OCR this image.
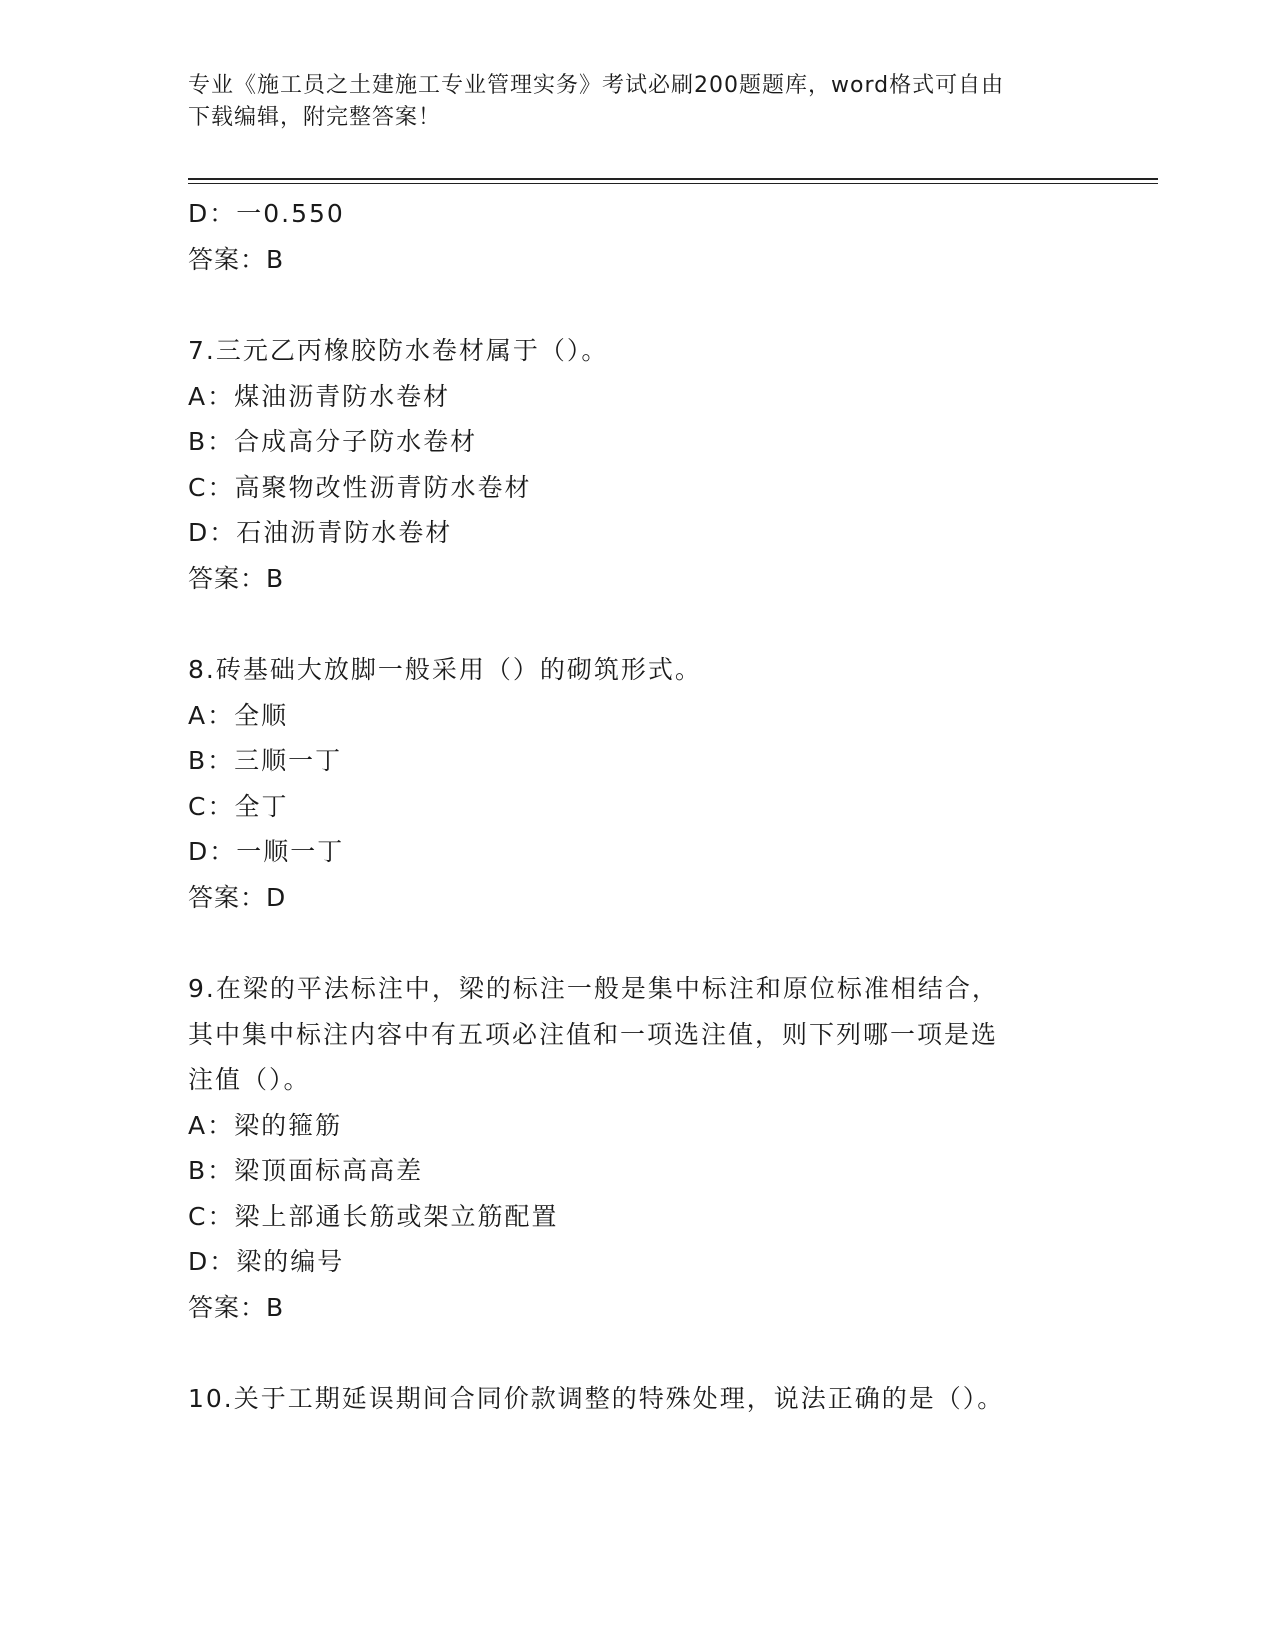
专业《施工员之土建施工专业管理实务》考试必刷200题题库，word格式可自由
下载编辑，附完整答案！
D：一0.550
答案：B
7.三元乙丙橡胶防水卷材属于（）。
A：煤油沥青防水卷材
B：合成高分子防水卷材
C：高聚物改性沥青防水卷材
D：石油沥青防水卷材
答案：B
8.砖基础大放脚一般采用（）的砌筑形式。
A：全顺
B：三顺一丁
C：全丁
D：一顺一丁
答案：D
9.在梁的平法标注中，梁的标注一般是集中标注和原位标准相结合，
其中集中标注内容中有五项必注值和一项选注值，则下列哪一项是选
注值（）。
A：梁的箍筋
B：梁顶面标高高差
C：梁上部通长筋或架立筋配置
D：梁的编号
答案：B
10.关于工期延误期间合同价款调整的特殊处理，说法正确的是（）。
